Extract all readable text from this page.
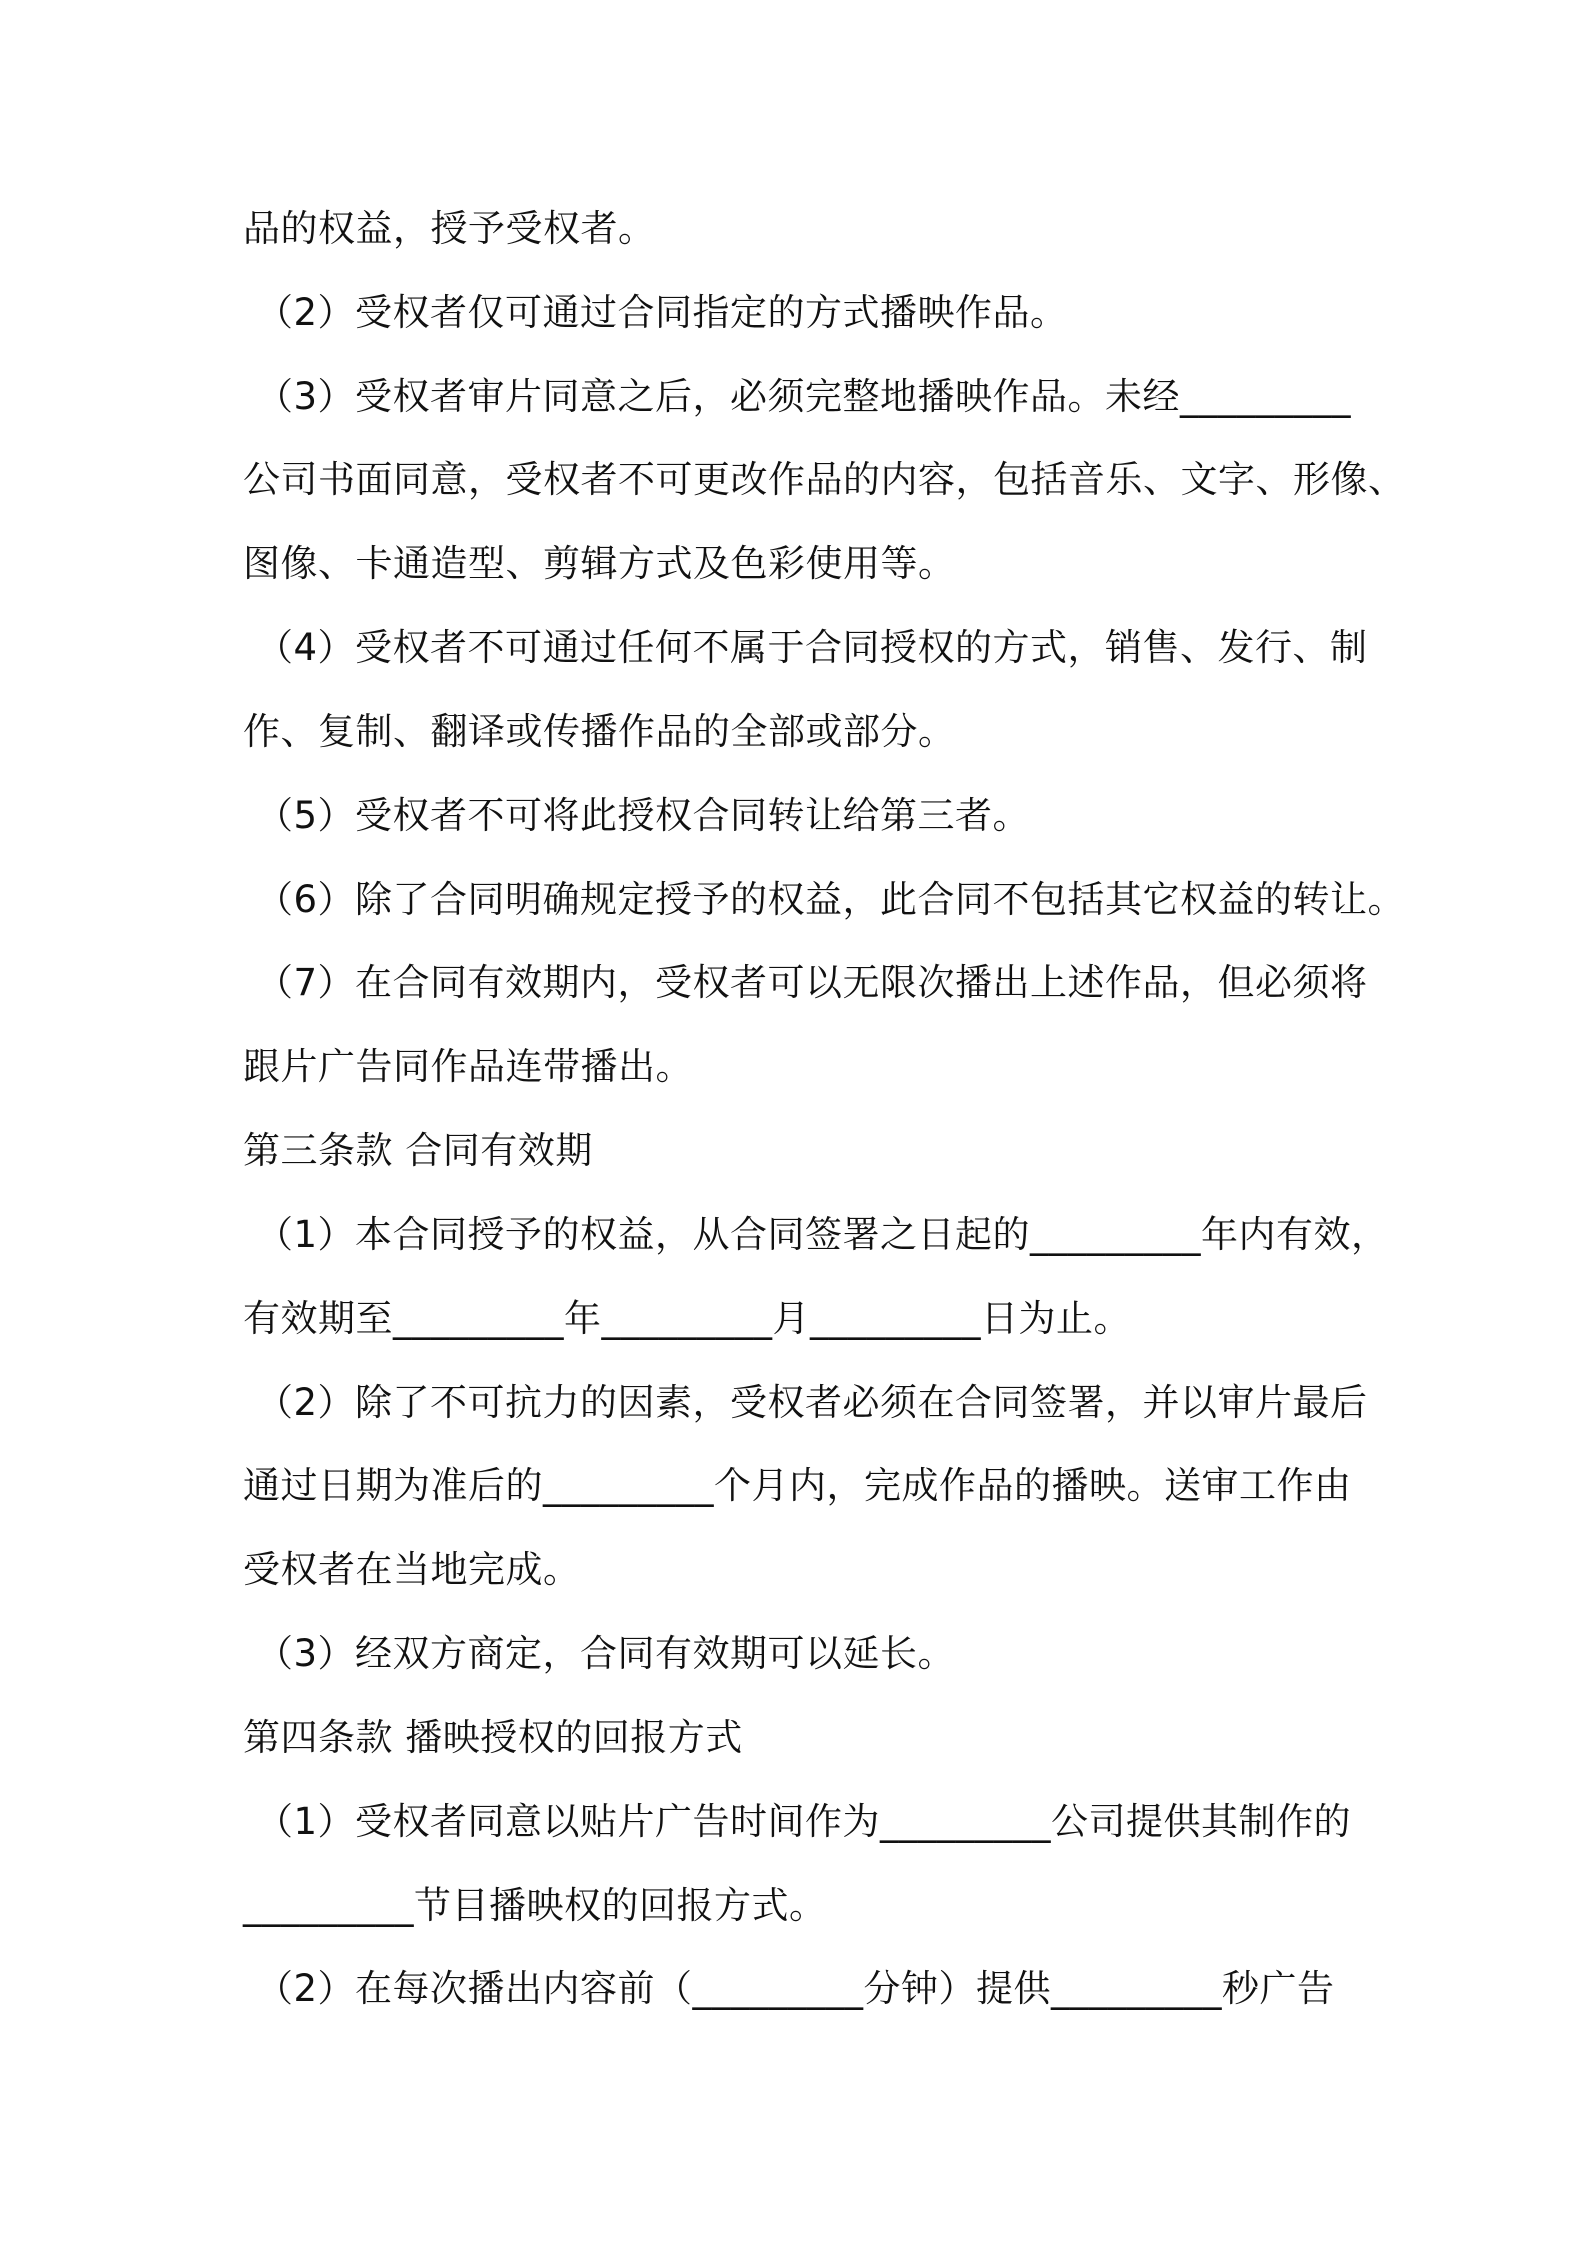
品的权益，授予受权者。

（2）受权者仅可通过合同指定的方式播映作品。

（3）受权者审片同意之后，必须完整地播映作品。未经_________

公司书面同意，受权者不可更改作品的内容，包括音乐、文字、形像、

图像、卡通造型、剪辑方式及色彩使用等。

（4）受权者不可通过任何不属于合同授权的方式，销售、发行、制

作、复制、翻译或传播作品的全部或部分。

（5）受权者不可将此授权合同转让给第三者。

（6）除了合同明确规定授予的权益，此合同不包括其它权益的转让。

（7）在合同有效期内，受权者可以无限次播出上述作品，但必须将

跟片广告同作品连带播出。

第三条款 合同有效期

（1）本合同授予的权益，从合同签署之日起的_________年内有效，

有效期至_________年_________月_________日为止。

（2）除了不可抗力的因素，受权者必须在合同签署，并以审片最后

通过日期为准后的_________个月内，完成作品的播映。送审工作由

受权者在当地完成。

（3）经双方商定，合同有效期可以延长。

第四条款 播映授权的回报方式

（1）受权者同意以贴片广告时间作为_________公司提供其制作的

_________节目播映权的回报方式。

（2）在每次播出内容前（_________分钟）提供_________秒广告
